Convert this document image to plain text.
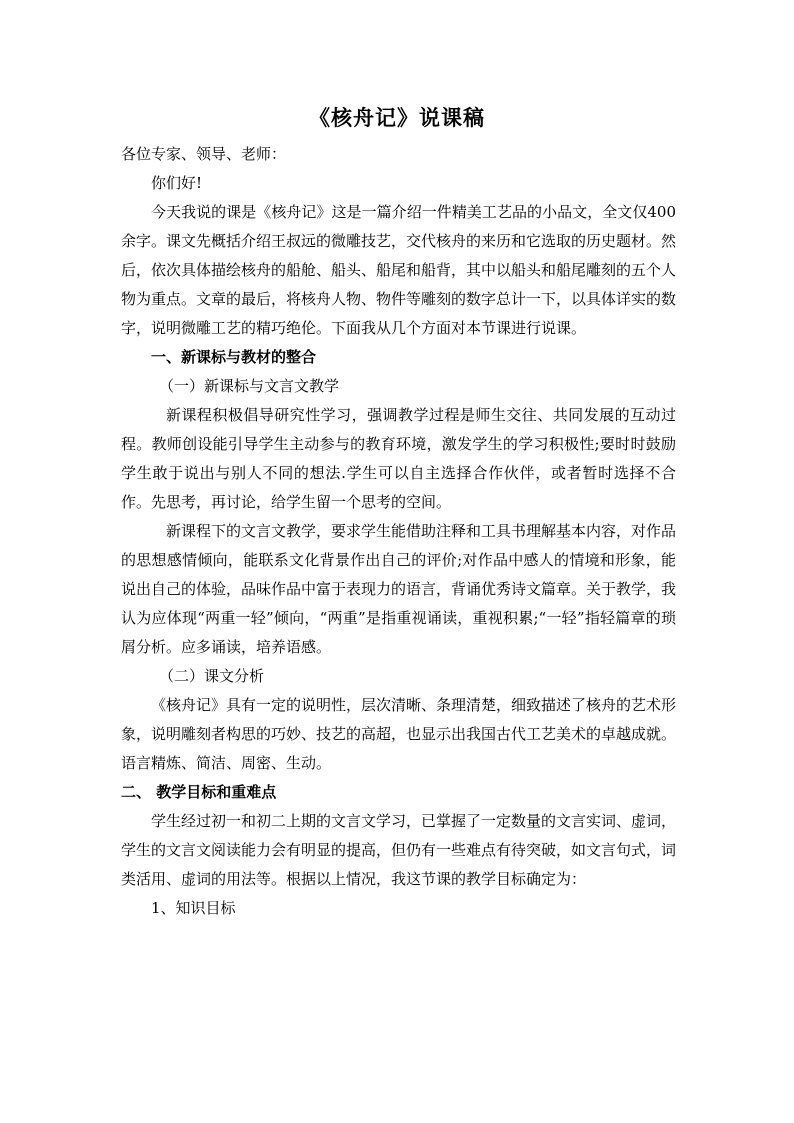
《核舟记》说课稿

各位专家、领导、老师：

你们好!

今天我说的课是《核舟记》这是一篇介绍一件精美工艺品的小品文，全文仅400余字。课文先概括介绍王叔远的微雕技艺，交代核舟的来历和它选取的历史题材。然后，依次具体描绘核舟的船舱、船头、船尾和船背，其中以船头和船尾雕刻的五个人物为重点。文章的最后，将核舟人物、物件等雕刻的数字总计一下，以具体详实的数字，说明微雕工艺的精巧绝伦。下面我从几个方面对本节课进行说课。

一、新课标与教材的整合

（一）新课标与文言文教学

新课程积极倡导研究性学习，强调教学过程是师生交往、共同发展的互动过程。教师创设能引导学生主动参与的教育环境，激发学生的学习积极性;要时时鼓励学生敢于说出与别人不同的想法.学生可以自主选择合作伙伴，或者暂时选择不合作。先思考，再讨论，给学生留一个思考的空间。

新课程下的文言文教学，要求学生能借助注释和工具书理解基本内容，对作品的思想感情倾向，能联系文化背景作出自己的评价;对作品中感人的情境和形象，能说出自己的体验，品味作品中富于表现力的语言，背诵优秀诗文篇章。关于教学，我认为应体现“两重一轻”倾向，“两重”是指重视诵读，重视积累;“一轻”指轻篇章的琐屑分析。应多诵读，培养语感。

（二）课文分析

《核舟记》具有一定的说明性，层次清晰、条理清楚，细致描述了核舟的艺术形象，说明雕刻者构思的巧妙、技艺的高超，也显示出我国古代工艺美术的卓越成就。语言精炼、简洁、周密、生动。

二、 教学目标和重难点

学生经过初一和初二上期的文言文学习，已掌握了一定数量的文言实词、虚词，学生的文言文阅读能力会有明显的提高，但仍有一些难点有待突破，如文言句式，词类活用、虚词的用法等。根据以上情况，我这节课的教学目标确定为：

1、知识目标
